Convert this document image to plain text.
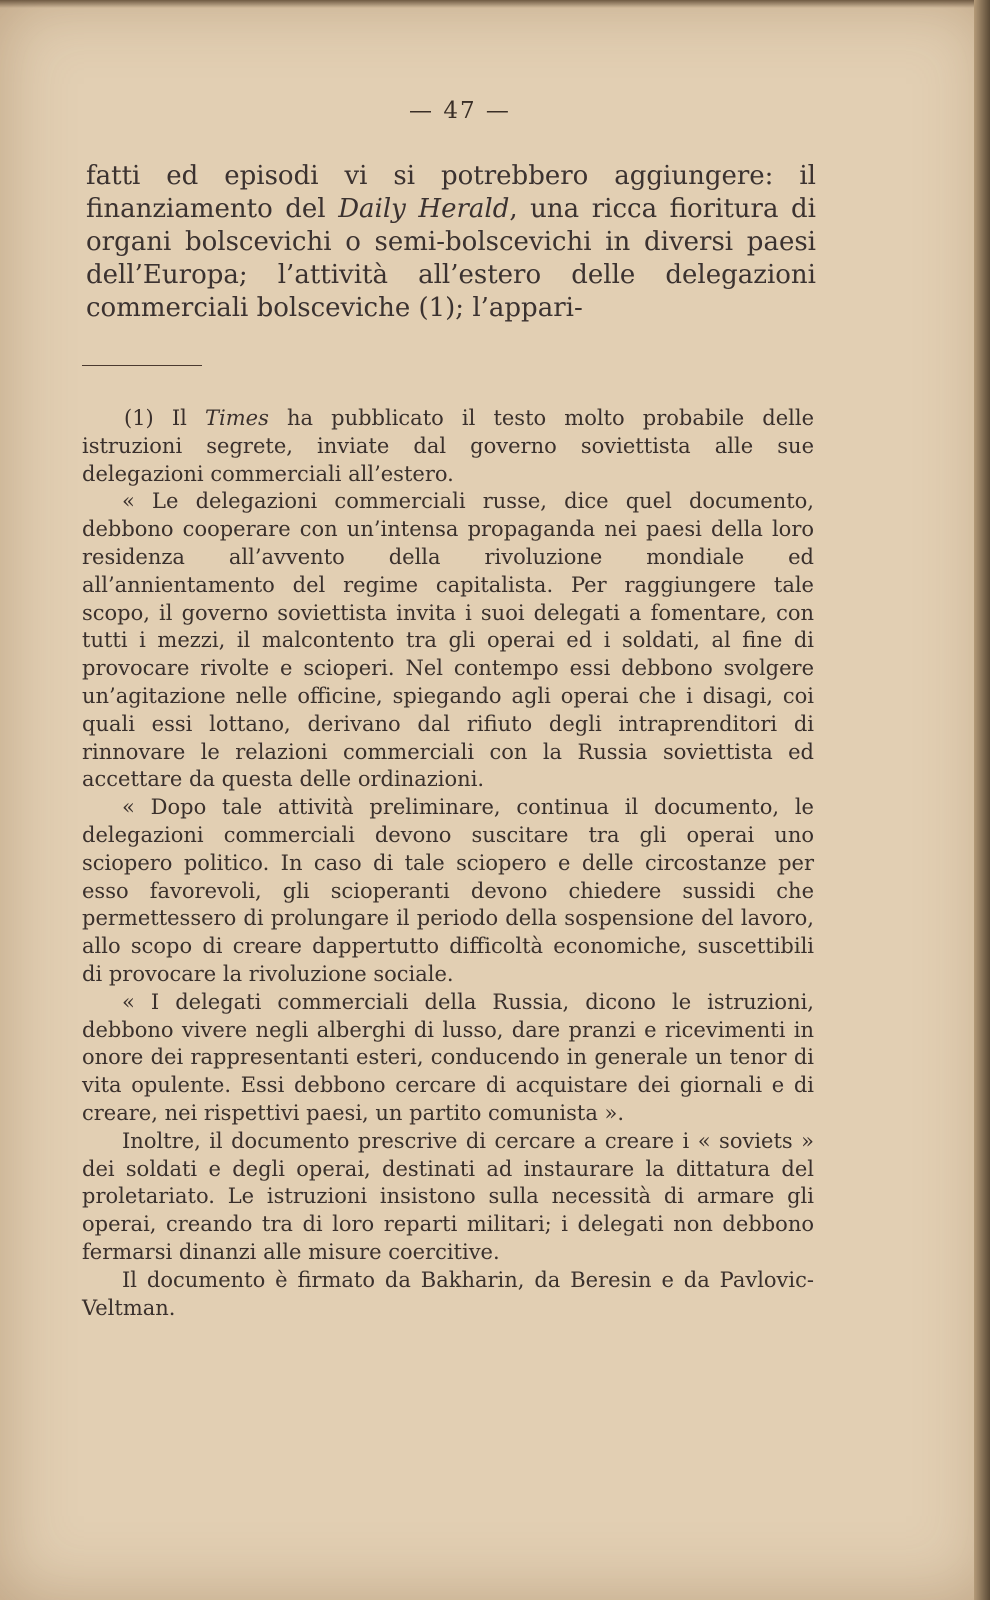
— 47 —

fatti ed episodi vi si potrebbero aggiungere: il finanziamento del Daily Herald, una ricca fioritura di organi bolscevichi o semi-bolscevichi in diversi paesi dell’Europa; l’attività all’estero delle delegazioni commerciali bolsceviche (1); l’appari-

(1) Il Times ha pubblicato il testo molto probabile delle istruzioni segrete, inviate dal governo soviettista alle sue delegazioni commerciali all’estero.

« Le delegazioni commerciali russe, dice quel documento, debbono cooperare con un’intensa propaganda nei paesi della loro residenza all’avvento della rivoluzione mondiale ed all’annientamento del regime capitalista. Per raggiungere tale scopo, il governo soviettista invita i suoi delegati a fomentare, con tutti i mezzi, il malcontento tra gli operai ed i soldati, al fine di provocare rivolte e scioperi. Nel contempo essi debbono svolgere un’agitazione nelle officine, spiegando agli operai che i disagi, coi quali essi lottano, derivano dal rifiuto degli intraprenditori di rinnovare le relazioni commerciali con la Russia soviettista ed accettare da questa delle ordinazioni.

« Dopo tale attività preliminare, continua il documento, le delegazioni commerciali devono suscitare tra gli operai uno sciopero politico. In caso di tale sciopero e delle circostanze per esso favorevoli, gli scioperanti devono chiedere sussidi che permettessero di prolungare il periodo della sospensione del lavoro, allo scopo di creare dappertutto difficoltà economiche, suscettibili di provocare la rivoluzione sociale.

« I delegati commerciali della Russia, dicono le istruzioni, debbono vivere negli alberghi di lusso, dare pranzi e ricevimenti in onore dei rappresentanti esteri, conducendo in generale un tenor di vita opulente. Essi debbono cercare di acquistare dei giornali e di creare, nei rispettivi paesi, un partito comunista ».

Inoltre, il documento prescrive di cercare a creare i « soviets » dei soldati e degli operai, destinati ad instaurare la dittatura del proletariato. Le istruzioni insistono sulla necessità di armare gli operai, creando tra di loro reparti militari; i delegati non debbono fermarsi dinanzi alle misure coercitive.

Il documento è firmato da Bakharin, da Beresin e da Pavlovic-Veltman.
